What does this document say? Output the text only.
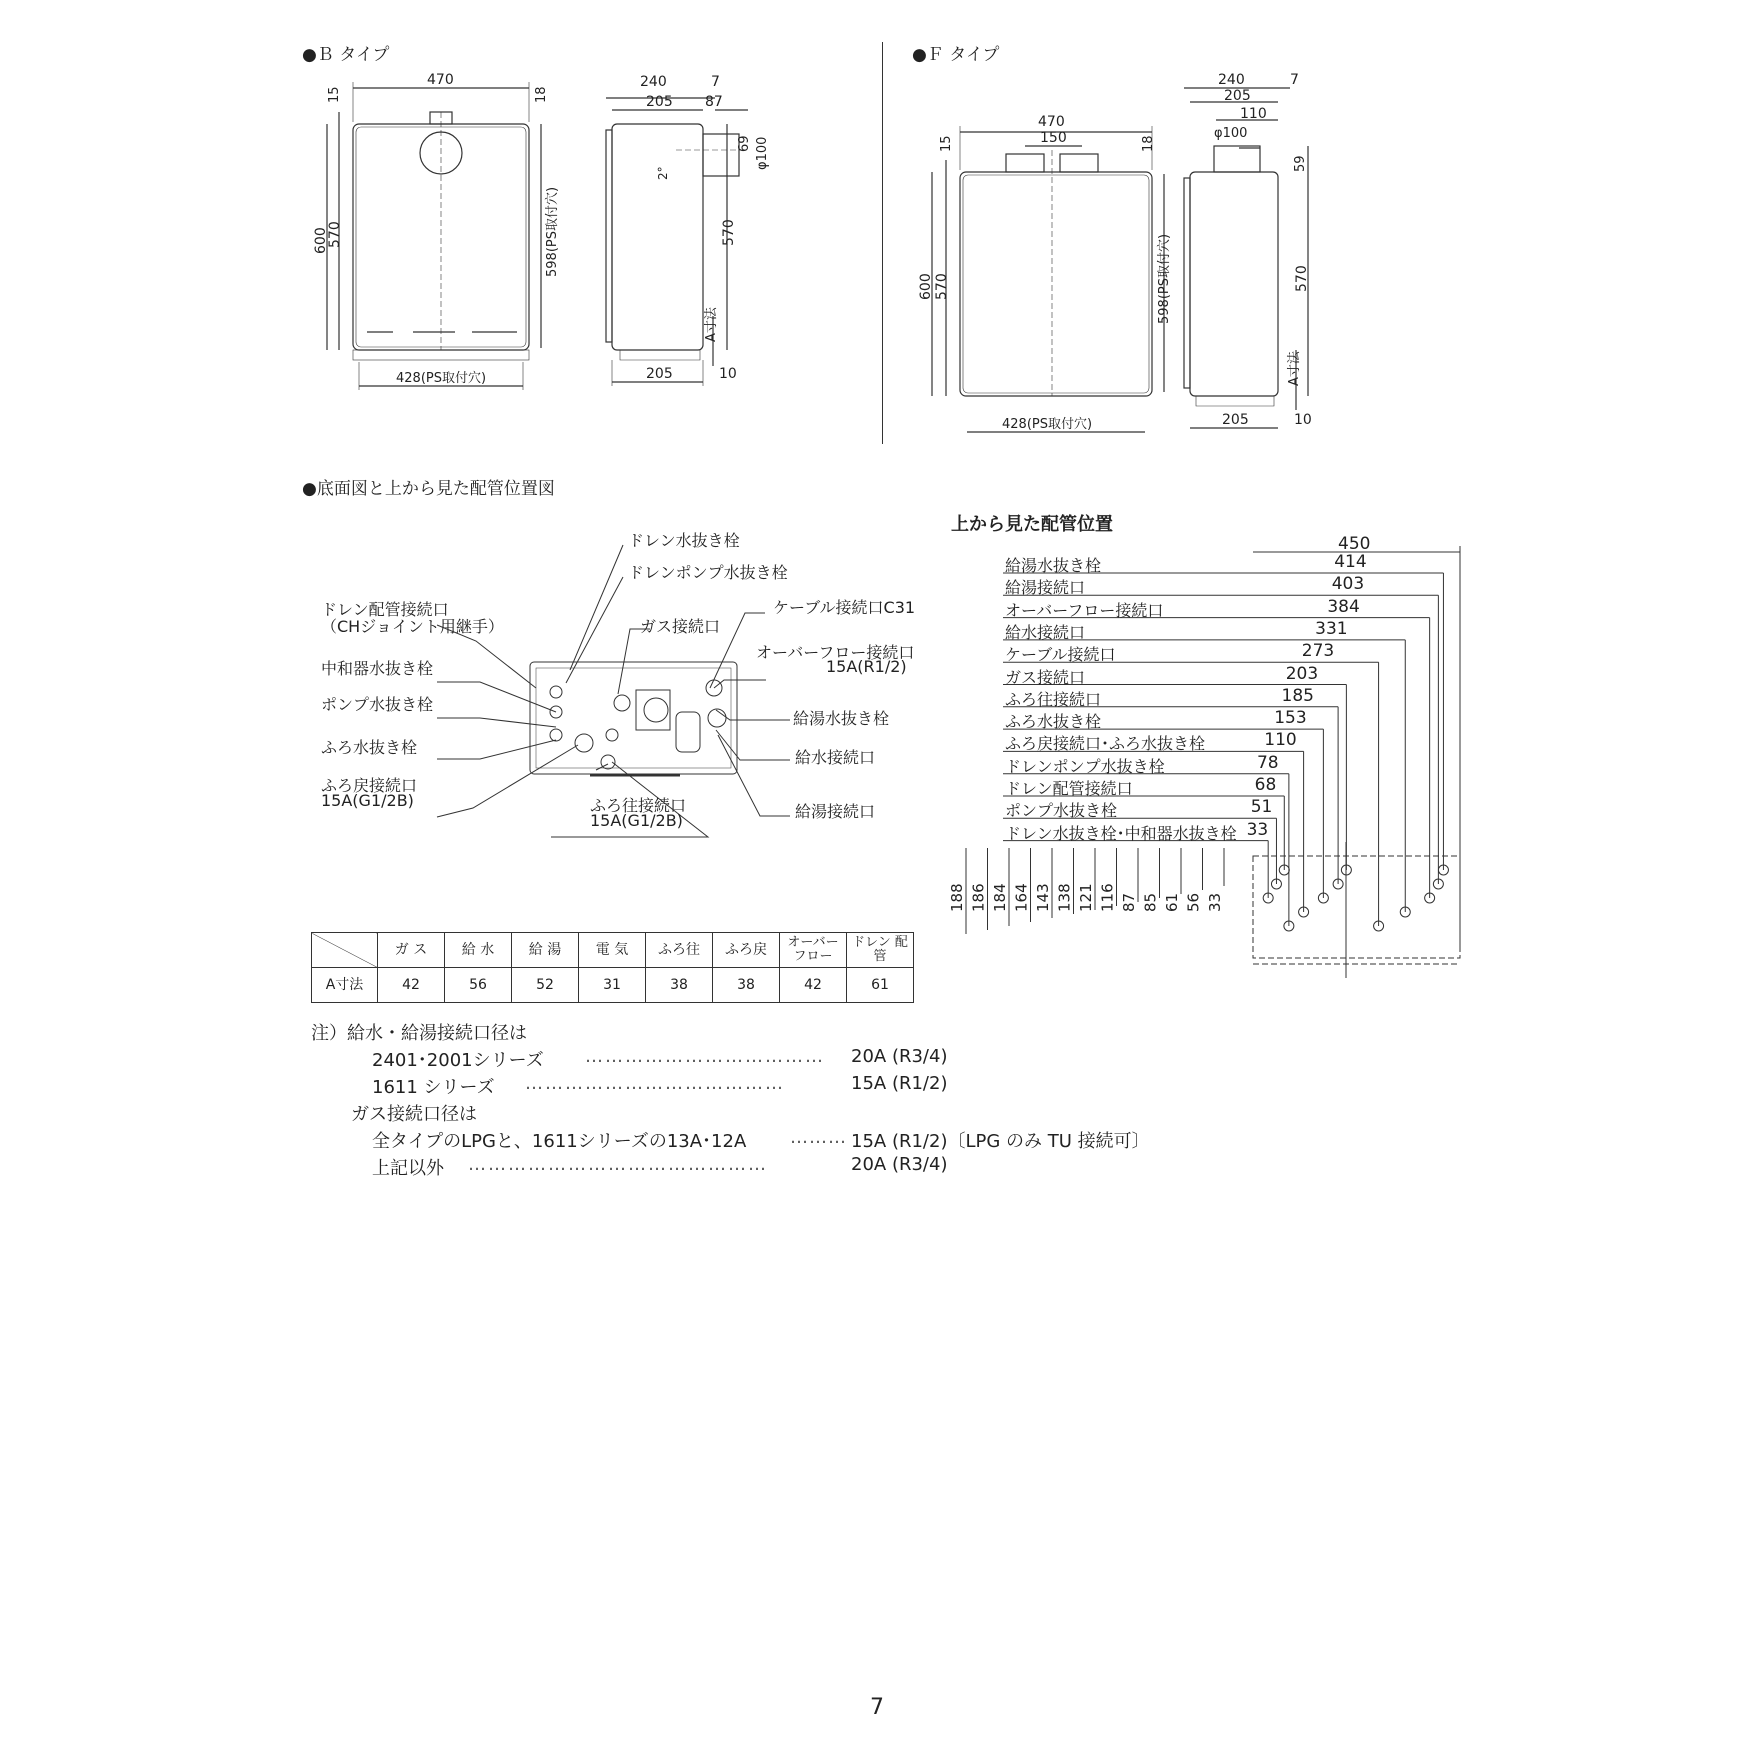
●Ｂ タイプ	●Ｆ タイプ
●底面図と上から見た配管位置図
上から見た配管位置
470
15	18
600
570	598(PS取付穴)
428(PS取付穴)
240	7
205 87
69 φ100
2°
570
A寸法
205	10
470
150
15	18
600 570	598(PS取付穴)
428(PS取付穴)
240	7
205
110
φ100
59
570
A寸法
205	10
450
188 186 184 164 143 138 121 116 87 85 61 56 33
ドレン水抜き栓
ドレンポンプ水抜き栓
ドレン配管接続口
（CHジョイント用継手）
ケーブル接続口C31
ガス接続口
オーバーフロー接続口
15A(R1/2)
中和器水抜き栓
ポンプ水抜き栓
給湯水抜き栓
ふろ水抜き栓
給水接続口
ふろ戻接続口
15A(G1/2B)
給湯接続口
ふろ往接続口
15A(G1/2B)
給湯水抜き栓	414
給湯接続口	403
オーバーフロー接続口	384
給水接続口	331
ケーブル接続口	273
ガス接続口	203
ふろ往接続口	185
ふろ水抜き栓	153
ふろ戻接続口･ふろ水抜き栓	110
ドレンポンプ水抜き栓	78
ドレン配管接続口	68
ポンプ水抜き栓	51
ドレン水抜き栓･中和器水抜き栓 33
	ガ ス	給 水	給 湯	電 気	ふろ往	ふろ戻	オーバー フロー	ドレン 配管
A寸法	42	56	52	31	38	38	42	61
注）給水・給湯接続口径は
2401･2001シリーズ ……………………………… 20A (R3/4)
1611 シリーズ …………………………………	15A (R1/2)
ガス接続口径は
全タイプのLPGと、1611シリーズの13A･12A ……… 15A (R1/2)〔LPG のみ TU 接続可〕
上記以外 ………………………………………	20A (R3/4)
7
